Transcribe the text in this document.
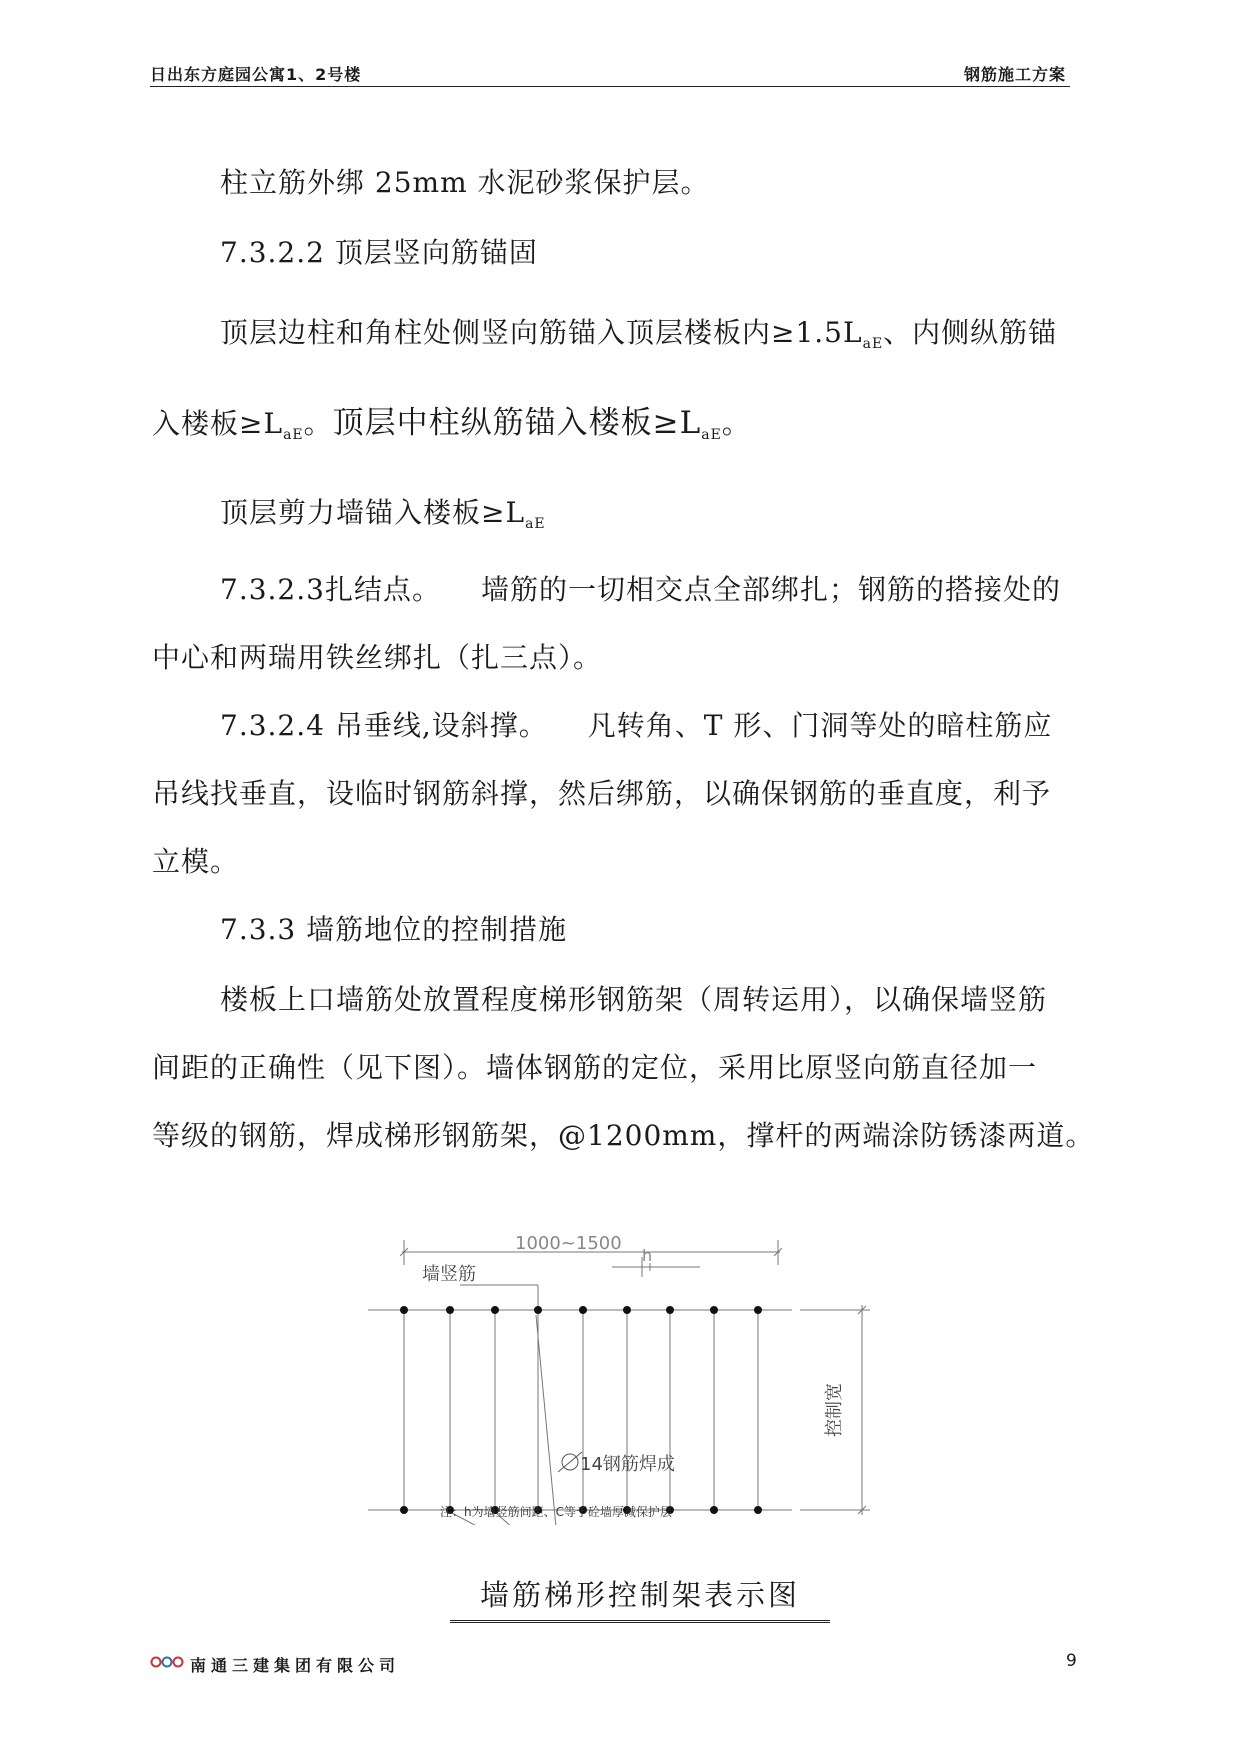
日出东方庭园公寓1、2号楼	钢筋施工方案
柱立筋外绑 25mm 水泥砂浆保护层。
7.3.2.2 顶层竖向筋锚固
顶层边柱和角柱处侧竖向筋锚入顶层楼板内$\ge 1.5L_{aE}$、内侧纵筋锚
入楼板$\ge L_{aE}$。顶层中柱纵筋锚入楼板$\ge L_{aE}$。
顶层剪力墙锚入楼板$\ge L_{aE}$
7.3.2.3扎结点。 墙筋的一切相交点全部绑扎；钢筋的搭接处的
中心和两瑞用铁丝绑扎（扎三点）。
7.3.2.4 吊垂线,设斜撑。 凡转角、T 形、门洞等处的暗柱筋应
吊线找垂直，设临时钢筋斜撑，然后绑筋，以确保钢筋的垂直度，利予
立模。
7.3.3 墙筋地位的控制措施
楼板上口墙筋处放置程度梯形钢筋架（周转运用），以确保墙竖筋
间距的正确性（见下图）。墙体钢筋的定位，采用比原竖向筋直径加一
等级的钢筋，焊成梯形钢筋架，@1200mm，撑杆的两端涂防锈漆两道。
1000~1500
h
墙竖筋
控制宽
14钢筋焊成
注：h为墙竖筋间距、C等于砼墙厚减保护层
墙筋梯形控制架表示图
南通三建集团有限公司	9
